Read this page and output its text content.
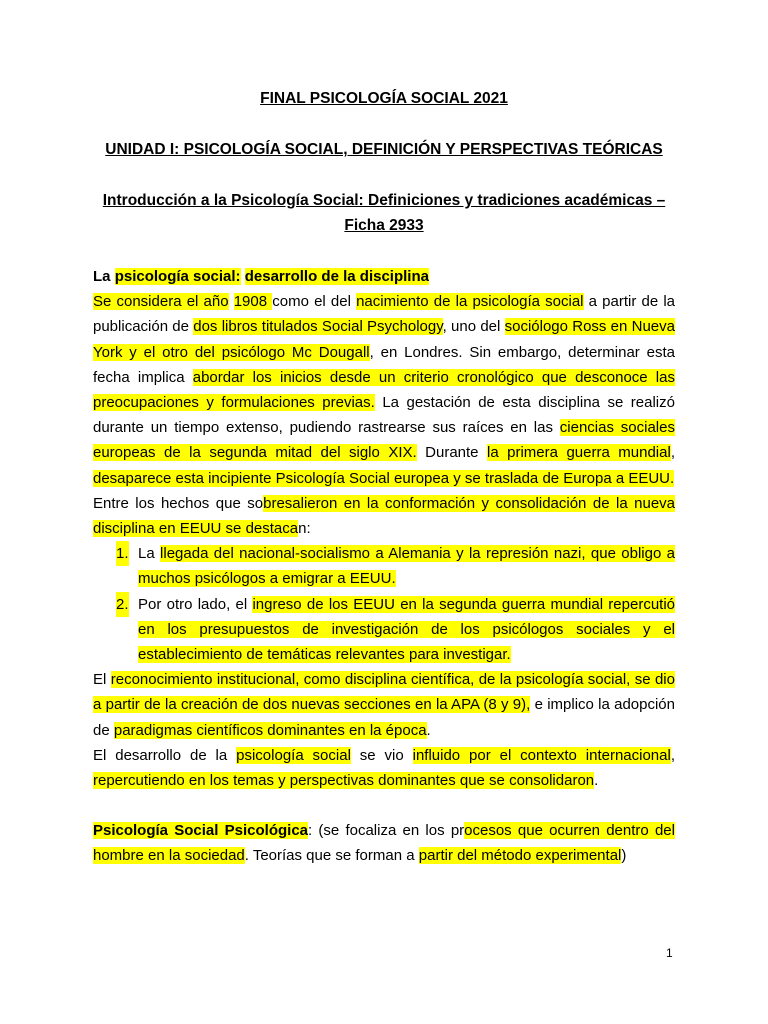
FINAL PSICOLOGÍA SOCIAL 2021

UNIDAD I: PSICOLOGÍA SOCIAL, DEFINICIÓN Y PERSPECTIVAS TEÓRICAS

Introducción a la Psicología Social: Definiciones y tradiciones académicas – Ficha 2933

La psicología social: desarrollo de la disciplina

Se considera el año 1908 como el del nacimiento de la psicología social a partir de la publicación de dos libros titulados Social Psychology, uno del sociólogo Ross en Nueva York y el otro del psicólogo Mc Dougall, en Londres. Sin embargo, determinar esta fecha implica abordar los inicios desde un criterio cronológico que desconoce las preocupaciones y formulaciones previas. La gestación de esta disciplina se realizó durante un tiempo extenso, pudiendo rastrearse sus raíces en las ciencias sociales europeas de la segunda mitad del siglo XIX. Durante la primera guerra mundial, desaparece esta incipiente Psicología Social europea y se traslada de Europa a EEUU.

Entre los hechos que sobresalieron en la conformación y consolidación de la nueva disciplina en EEUU se destacan:

1. La llegada del nacional-socialismo a Alemania y la represión nazi, que obligo a muchos psicólogos a emigrar a EEUU.
2. Por otro lado, el ingreso de los EEUU en la segunda guerra mundial repercutió en los presupuestos de investigación de los psicólogos sociales y el establecimiento de temáticas relevantes para investigar.

El reconocimiento institucional, como disciplina científica, de la psicología social, se dio a partir de la creación de dos nuevas secciones en la APA (8 y 9), e implico la adopción de paradigmas científicos dominantes en la época.

El desarrollo de la psicología social se vio influido por el contexto internacional, repercutiendo en los temas y perspectivas dominantes que se consolidaron.

Psicología Social Psicológica: (se focaliza en los procesos que ocurren dentro del hombre en la sociedad. Teorías que se forman a partir del método experimental)

1
